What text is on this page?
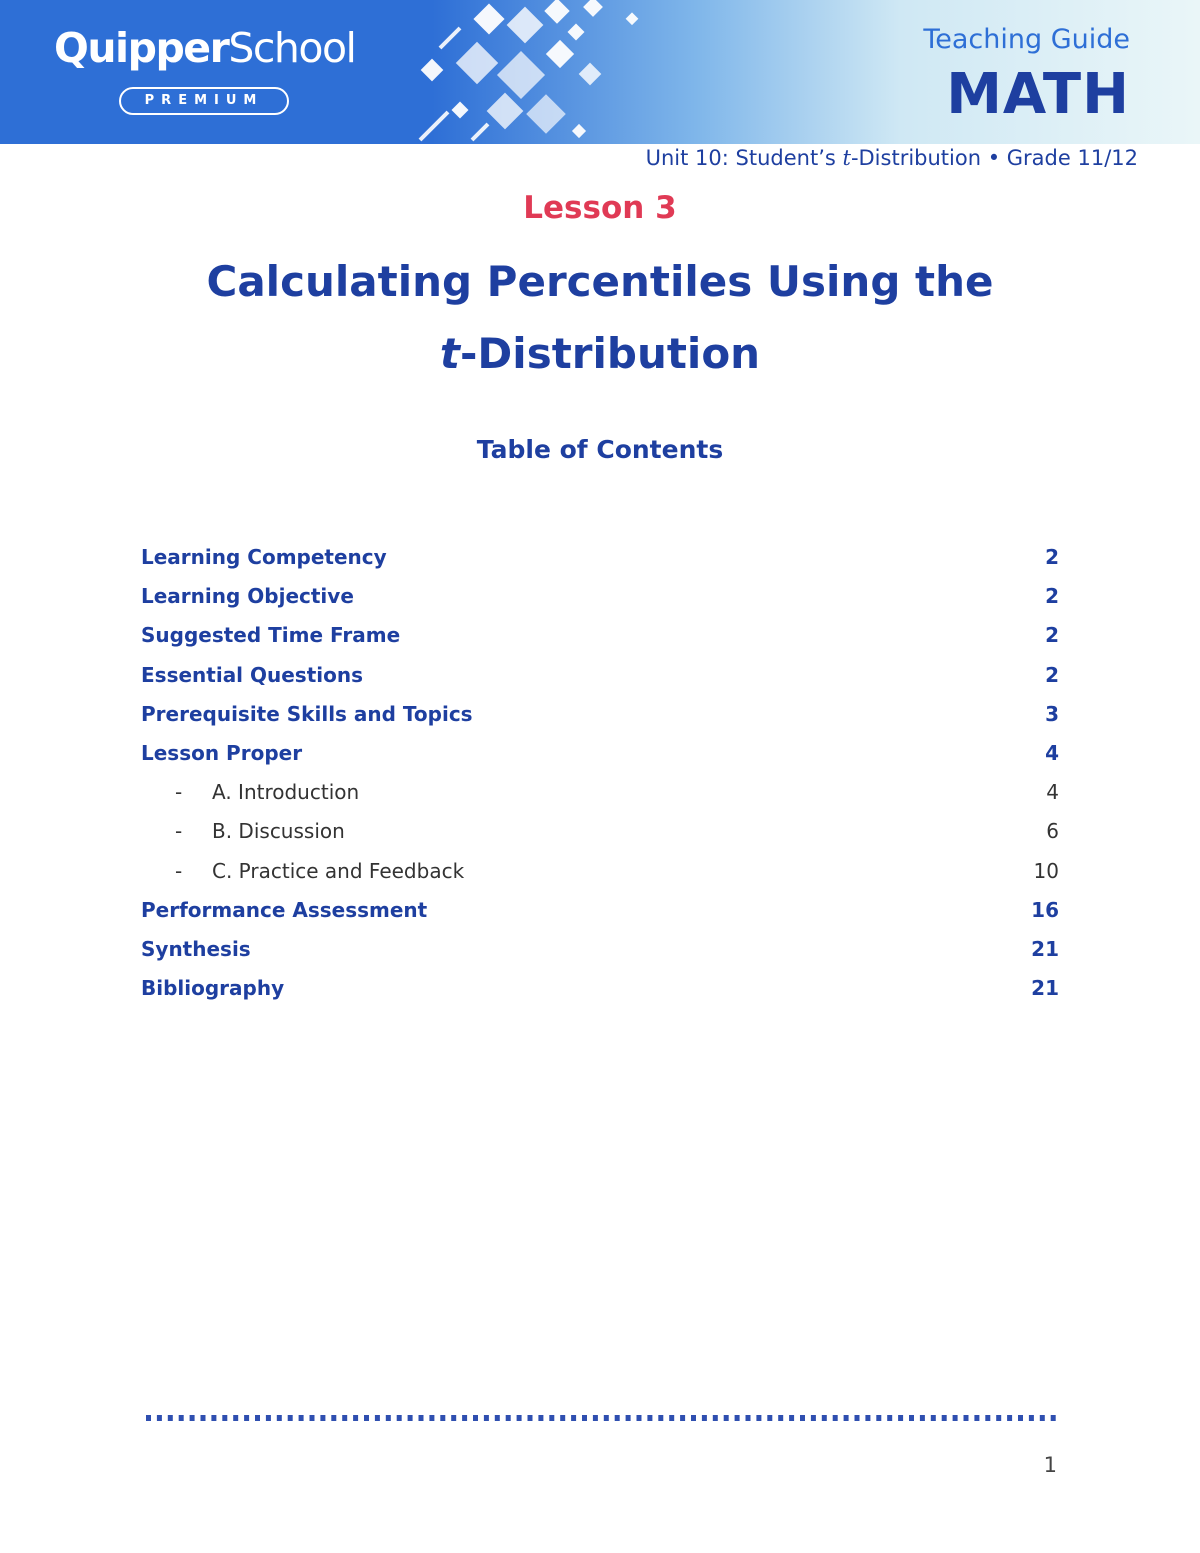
QuipperSchool
PREMIUM
Teaching Guide
MATH
Unit 10: Student’s t-Distribution • Grade 11/12
Lesson 3
Calculating Percentiles Using the
t-Distribution
Table of Contents
Learning Competency	2
Learning Objective	2
Suggested Time Frame	2
Essential Questions	2
Prerequisite Skills and Topics	3
Lesson Proper	4
- A. Introduction	4
- B. Discussion	6
- C. Practice and Feedback	10
Performance Assessment	16
Synthesis	21
Bibliography	21
1
